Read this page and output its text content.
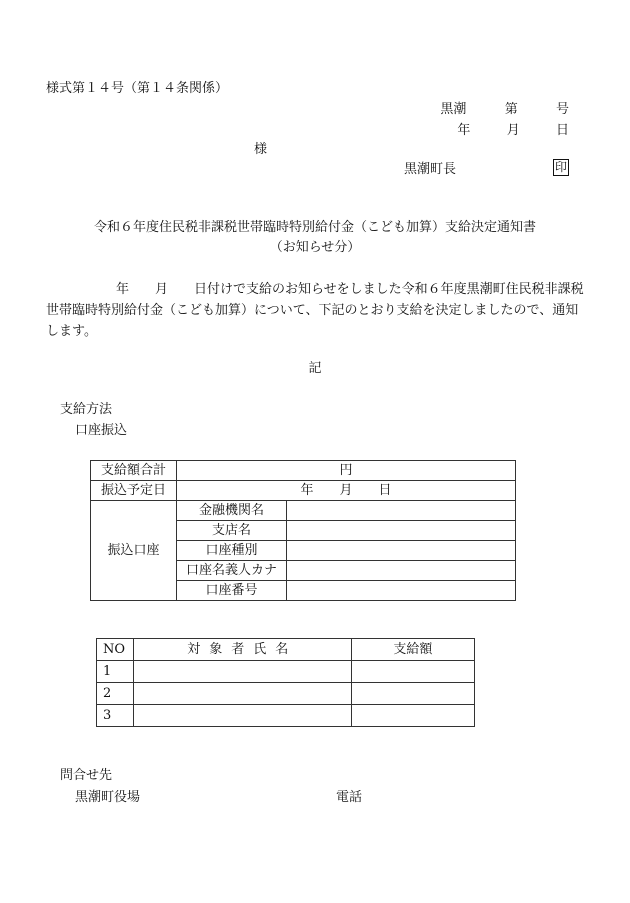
様式第１４号（第１４条関係）
黒潮	第	号
年	月	日
様
黒潮町長	印
令和６年度住民税非課税世帯臨時特別給付金（こども加算）支給決定通知書
（お知らせ分）
年　　月　　日付けで支給のお知らせをしました令和６年度黒潮町住民税非課税世帯臨時特別給付金（こども加算）について、下記のとおり支給を決定しましたので、通知します。
記
支給方法
口座振込
支給額合計	円	
振込予定日	年　　月　　日	
振込口座	金融機関名	
	支店名	
	口座種別	
	口座名義人カナ	
	口座番号	
NO	対象者氏名	支給額
1		
2		
3		
問合せ先
黒潮町役場	電話
